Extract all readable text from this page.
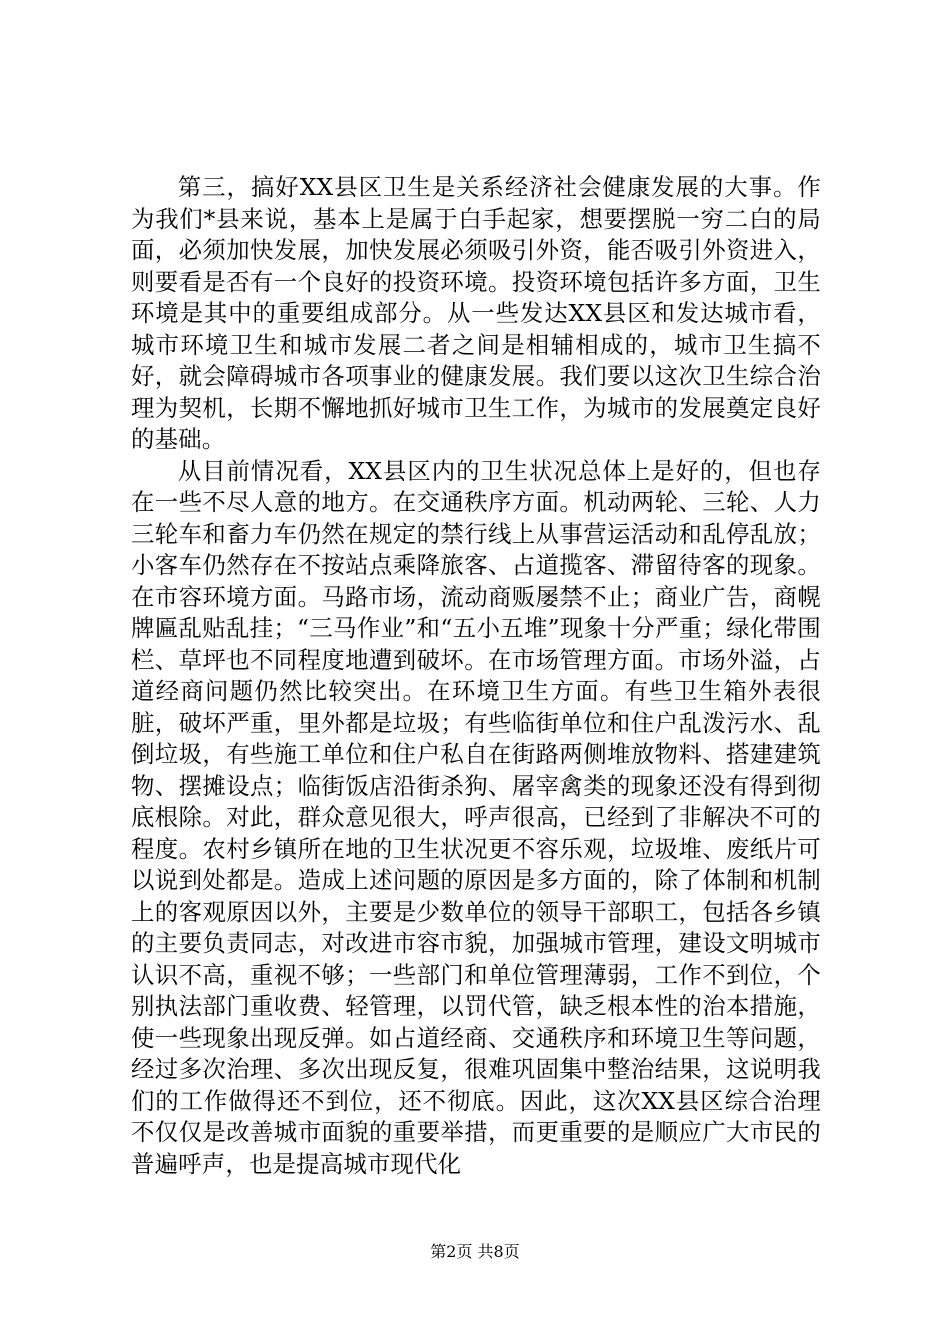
第三，搞好XX县区卫生是关系经济社会健康发展的大事。作为我们*县来说，基本上是属于白手起家，想要摆脱一穷二白的局面，必须加快发展，加快发展必须吸引外资，能否吸引外资进入，则要看是否有一个良好的投资环境。投资环境包括许多方面，卫生环境是其中的重要组成部分。从一些发达XX县区和发达城市看，城市环境卫生和城市发展二者之间是相辅相成的，城市卫生搞不好，就会障碍城市各项事业的健康发展。我们要以这次卫生综合治理为契机，长期不懈地抓好城市卫生工作，为城市的发展奠定良好的基础。

从目前情况看，XX县区内的卫生状况总体上是好的，但也存在一些不尽人意的地方。在交通秩序方面。机动两轮、三轮、人力三轮车和畜力车仍然在规定的禁行线上从事营运活动和乱停乱放；小客车仍然存在不按站点乘降旅客、占道揽客、滞留待客的现象。在市容环境方面。马路市场，流动商贩屡禁不止；商业广告，商幌牌匾乱贴乱挂；“三马作业”和“五小五堆”现象十分严重；绿化带围栏、草坪也不同程度地遭到破坏。在市场管理方面。市场外溢，占道经商问题仍然比较突出。在环境卫生方面。有些卫生箱外表很脏，破坏严重，里外都是垃圾；有些临街单位和住户乱泼污水、乱倒垃圾，有些施工单位和住户私自在街路两侧堆放物料、搭建建筑物、摆摊设点；临街饭店沿街杀狗、屠宰禽类的现象还没有得到彻底根除。对此，群众意见很大，呼声很高，已经到了非解决不可的程度。农村乡镇所在地的卫生状况更不容乐观，垃圾堆、废纸片可以说到处都是。造成上述问题的原因是多方面的，除了体制和机制上的客观原因以外，主要是少数单位的领导干部职工，包括各乡镇的主要负责同志，对改进市容市貌，加强城市管理，建设文明城市认识不高，重视不够；一些部门和单位管理薄弱，工作不到位，个别执法部门重收费、轻管理，以罚代管，缺乏根本性的治本措施，使一些现象出现反弹。如占道经商、交通秩序和环境卫生等问题，经过多次治理、多次出现反复，很难巩固集中整治结果，这说明我们的工作做得还不到位，还不彻底。因此，这次XX县区综合治理不仅仅是改善城市面貌的重要举措，而更重要的是顺应广大市民的普遍呼声，也是提高城市现代化

第2页 共8页
